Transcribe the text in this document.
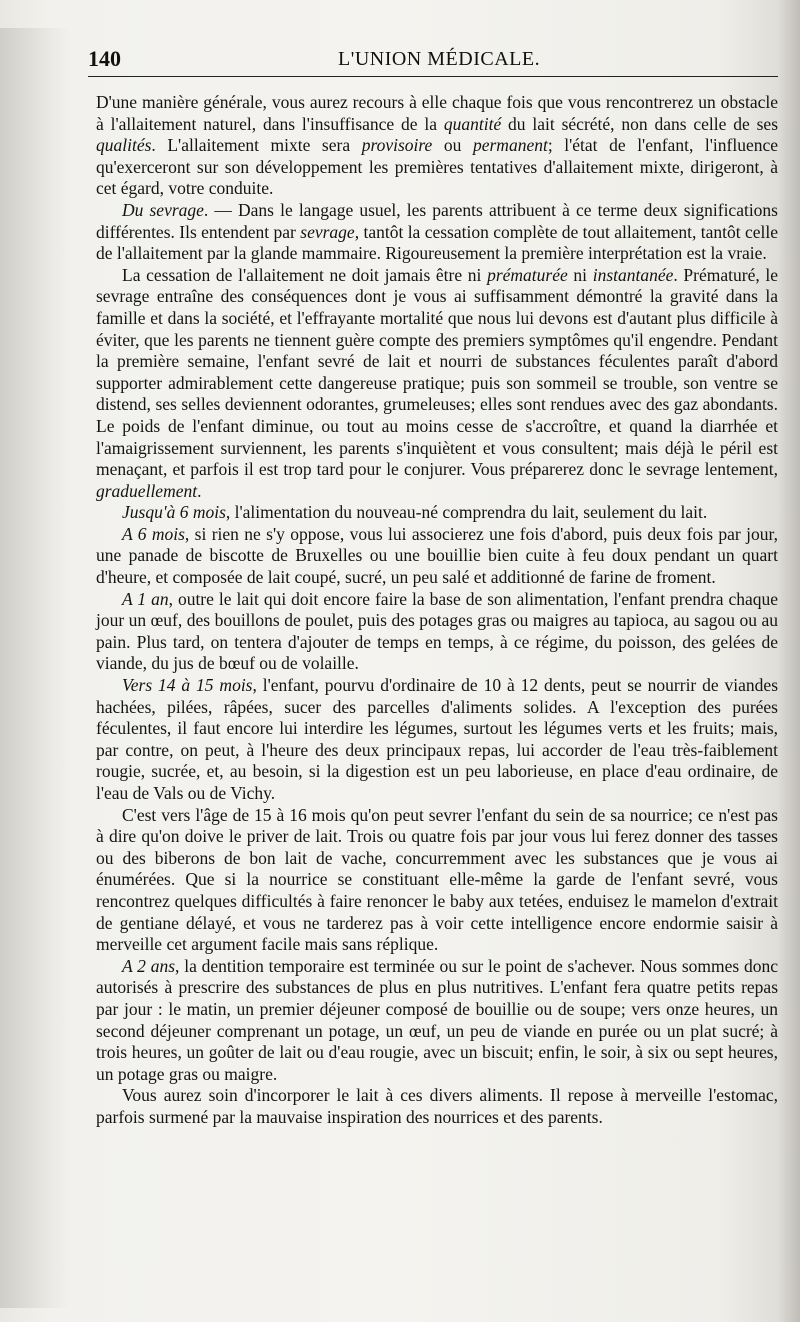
140	L'UNION MÉDICALE.

D'une manière générale, vous aurez recours à elle chaque fois que vous rencontrerez un obstacle à l'allaitement naturel, dans l'insuffisance de la quantité du lait sécrété, non dans celle de ses qualités. L'allaitement mixte sera provisoire ou permanent; l'état de l'enfant, l'influence qu'exerceront sur son développement les premières tentatives d'allaitement mixte, dirigeront, à cet égard, votre conduite.

Du sevrage. — Dans le langage usuel, les parents attribuent à ce terme deux significations différentes. Ils entendent par sevrage, tantôt la cessation complète de tout allaitement, tantôt celle de l'allaitement par la glande mammaire. Rigoureusement la première interprétation est la vraie.

La cessation de l'allaitement ne doit jamais être ni prématurée ni instantanée. Prématuré, le sevrage entraîne des conséquences dont je vous ai suffisamment démontré la gravité dans la famille et dans la société, et l'effrayante mortalité que nous lui devons est d'autant plus difficile à éviter, que les parents ne tiennent guère compte des premiers symptômes qu'il engendre. Pendant la première semaine, l'enfant sevré de lait et nourri de substances féculentes paraît d'abord supporter admirablement cette dangereuse pratique; puis son sommeil se trouble, son ventre se distend, ses selles deviennent odorantes, grumeleuses; elles sont rendues avec des gaz abondants. Le poids de l'enfant diminue, ou tout au moins cesse de s'accroître, et quand la diarrhée et l'amaigrissement surviennent, les parents s'inquiètent et vous consultent; mais déjà le péril est menaçant, et parfois il est trop tard pour le conjurer. Vous préparerez donc le sevrage lentement, graduellement.

Jusqu'à 6 mois, l'alimentation du nouveau-né comprendra du lait, seulement du lait.

A 6 mois, si rien ne s'y oppose, vous lui associerez une fois d'abord, puis deux fois par jour, une panade de biscotte de Bruxelles ou une bouillie bien cuite à feu doux pendant un quart d'heure, et composée de lait coupé, sucré, un peu salé et additionné de farine de froment.

A 1 an, outre le lait qui doit encore faire la base de son alimentation, l'enfant prendra chaque jour un œuf, des bouillons de poulet, puis des potages gras ou maigres au tapioca, au sagou ou au pain. Plus tard, on tentera d'ajouter de temps en temps, à ce régime, du poisson, des gelées de viande, du jus de bœuf ou de volaille.

Vers 14 à 15 mois, l'enfant, pourvu d'ordinaire de 10 à 12 dents, peut se nourrir de viandes hachées, pilées, râpées, sucer des parcelles d'aliments solides. A l'exception des purées féculentes, il faut encore lui interdire les légumes, surtout les légumes verts et les fruits; mais, par contre, on peut, à l'heure des deux principaux repas, lui accorder de l'eau très-faiblement rougie, sucrée, et, au besoin, si la digestion est un peu laborieuse, en place d'eau ordinaire, de l'eau de Vals ou de Vichy.

C'est vers l'âge de 15 à 16 mois qu'on peut sevrer l'enfant du sein de sa nourrice; ce n'est pas à dire qu'on doive le priver de lait. Trois ou quatre fois par jour vous lui ferez donner des tasses ou des biberons de bon lait de vache, concurremment avec les substances que je vous ai énumérées. Que si la nourrice se constituant elle-même la garde de l'enfant sevré, vous rencontrez quelques difficultés à faire renoncer le baby aux tetées, enduisez le mamelon d'extrait de gentiane délayé, et vous ne tarderez pas à voir cette intelligence encore endormie saisir à merveille cet argument facile mais sans réplique.

A 2 ans, la dentition temporaire est terminée ou sur le point de s'achever. Nous sommes donc autorisés à prescrire des substances de plus en plus nutritives. L'enfant fera quatre petits repas par jour : le matin, un premier déjeuner composé de bouillie ou de soupe; vers onze heures, un second déjeuner comprenant un potage, un œuf, un peu de viande en purée ou un plat sucré; à trois heures, un goûter de lait ou d'eau rougie, avec un biscuit; enfin, le soir, à six ou sept heures, un potage gras ou maigre.

Vous aurez soin d'incorporer le lait à ces divers aliments. Il repose à merveille l'estomac, parfois surmené par la mauvaise inspiration des nourrices et des parents.
